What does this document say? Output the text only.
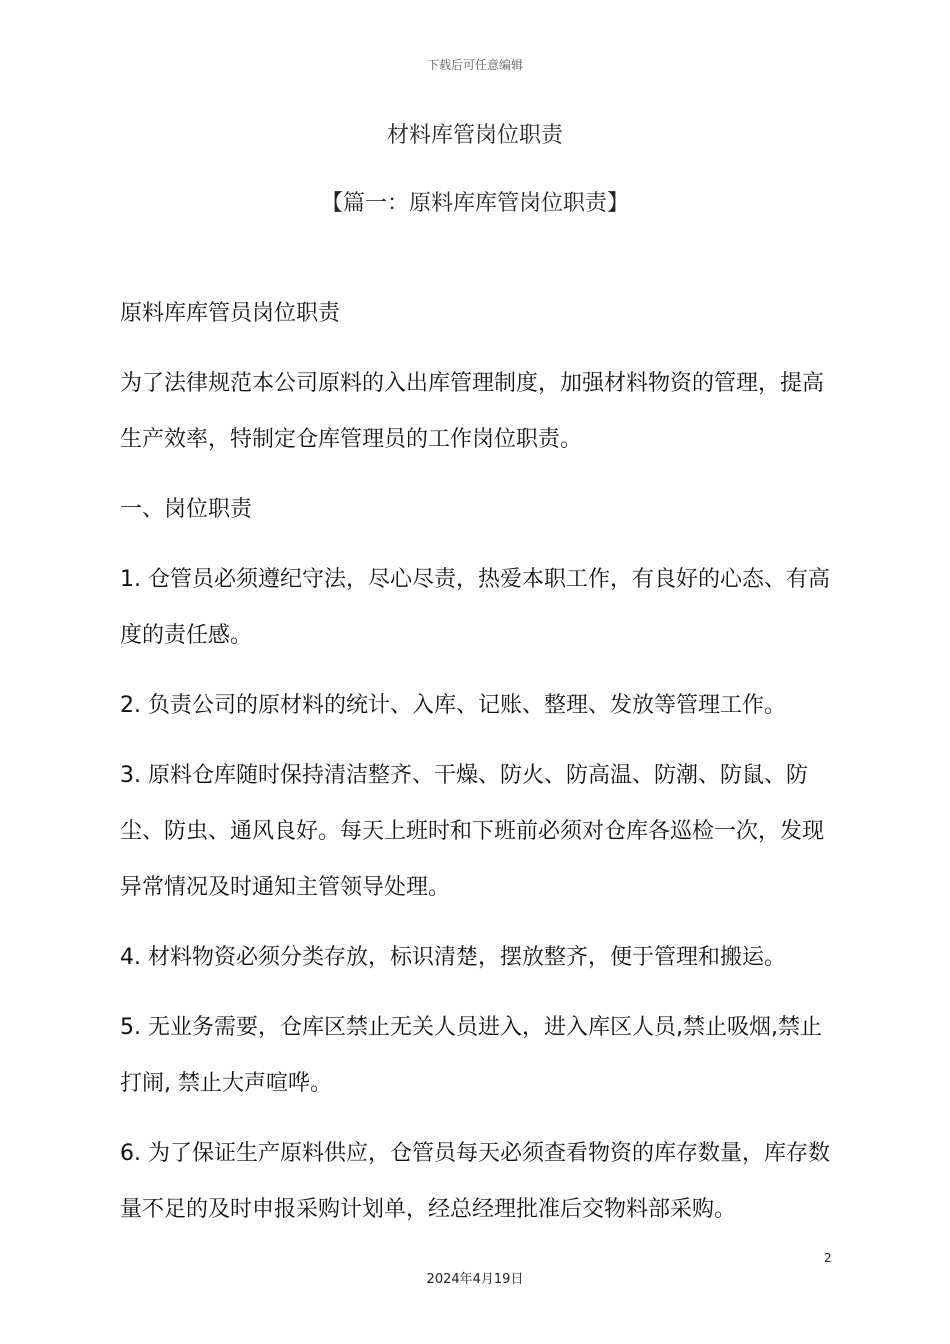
下载后可任意编辑
材料库管岗位职责
【篇一：原料库库管岗位职责】

原料库库管员岗位职责

为了法律规范本公司原料的入出库管理制度，加强材料物资的管理，提高生产效率，特制定仓库管理员的工作岗位职责。

一、岗位职责

1. 仓管员必须遵纪守法，尽心尽责，热爱本职工作，有良好的心态、有高度的责任感。

2. 负责公司的原材料的统计、入库、记账、整理、发放等管理工作。

3. 原料仓库随时保持清洁整齐、干燥、防火、防高温、防潮、防鼠、防尘、防虫、通风良好。每天上班时和下班前必须对仓库各巡检一次，发现异常情况及时通知主管领导处理。

4. 材料物资必须分类存放，标识清楚，摆放整齐，便于管理和搬运。

5. 无业务需要，仓库区禁止无关人员进入，进入库区人员,禁止吸烟,禁止打闹, 禁止大声喧哗。

6. 为了保证生产原料供应，仓管员每天必须查看物资的库存数量，库存数量不足的及时申报采购计划单，经总经理批准后交物料部采购。

2
2024年4月19日
